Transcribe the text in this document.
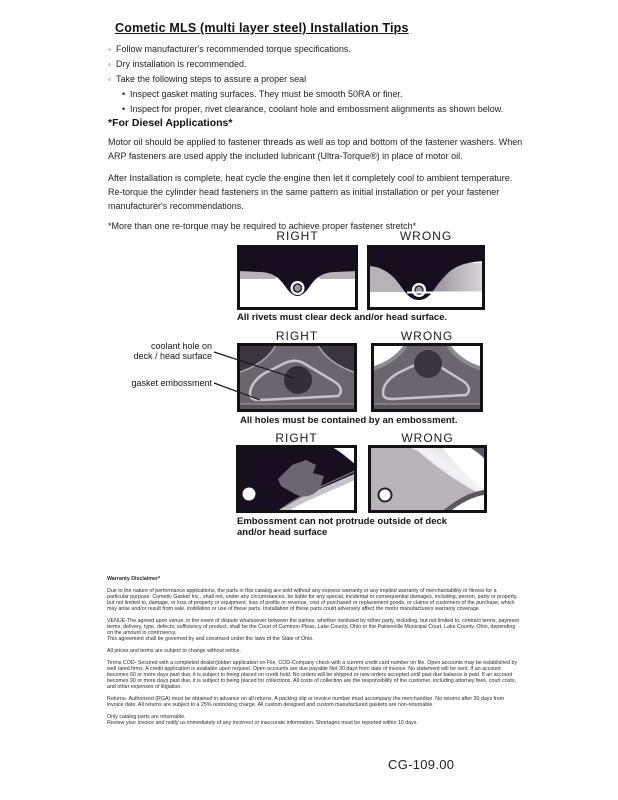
Cometic MLS (multi layer steel) Installation Tips
◦ Follow manufacturer's recommended torque specifications.
◦ Dry installation is recommended.
◦ Take the following steps to assure a proper seal
• Inspect gasket mating surfaces. They must be smooth 50RA or finer.
• Inspect for proper, rivet clearance, coolant hole and embossment alignments as shown below.
*For Diesel Applications*

Motor oil should be applied to fastener threads as well as top and bottom of the fastener washers. When ARP fasteners are used apply the included lubricant (Ultra-Torque®) in place of motor oil.

After Installation is complete, heat cycle the engine then let it completely cool to ambient temperature. Re-torque the cylinder head fasteners in the same pattern as initial installation or per your fastener manufacturer's recommendations.

*More than one re-torque may be required to achieve proper fastener stretch*

RIGHT	WRONG
All rivets must clear deck and/or head surface.
RIGHT	WRONG
coolant hole on
deck / head surface
gasket embossment
All holes must be contained by an embossment.
RIGHT	WRONG
Embossment can not protrude outside of deck
and/or head surface

Warranty Disclaimer*

Due to the nature of performance applications, the parts in this catalog are sold without any express warranty or any implied warranty of merchantability or fitness for a particular purpose. Cometic Gasket Inc., shall not, under any circumstances, be liable for any special, incidental or consequential damages, including, person, party or property, but not limited to, damage, or loss of property or equipment, loss of profits or revenue, cost of purchased or replacement goods, or claims of customers of the purchase, which may arise and/or result from sale, instillation or use of these parts. Installation of these parts could adversely affect the motor manufacturers warranty coverage.

VENUE-The agreed upon venue, in the event of dispute whatsoever between the parties, whether instituted by either party, including, but not limited to, contract terms, payment terms, delivery, type, defects, sufficiency of product, shall be the Court of Common Pleas, Lake County, Ohio or the Painesville Municipal Court, Lake County, Ohio, depending on the amount in controversy.

This agreement shall be governed by and construed under the laws of the State of Ohio.

All prices and terms are subject to change without notice.

Terms COD- Secured with a completed dealer/jobber application on File, COD-Company check with a current credit card number on file. Open accounts may be established by well rated firms. A credit application is available upon request. Open accounts are due payable Net 30 days from date of invoice. No statement will be sent. If an account becomes 60 or more days past due, it is subject to being placed on credit hold. No orders will be shipped or new orders accepted until past due balance is paid. If an account becomes 90 or more days past due, it is subject to being placed for collections. All costs of collection are the responsibility of the customer, including attorney fees, court costs, and other expenses of litigation.

Returns- Authorized (RGA) must be obtained in advance on all returns. A packing slip or invoice number must accompany the merchandise. No returns after 30 days from invoice date. All returns are subject to a 25% restocking charge. All custom designed and custom manufactured gaskets are non-returnable.

Only catalog parts are returnable.

Review your invoice and notify us immediately of any incorrect or inaccurate information. Shortages must be reported within 10 days.

CG-109.00
